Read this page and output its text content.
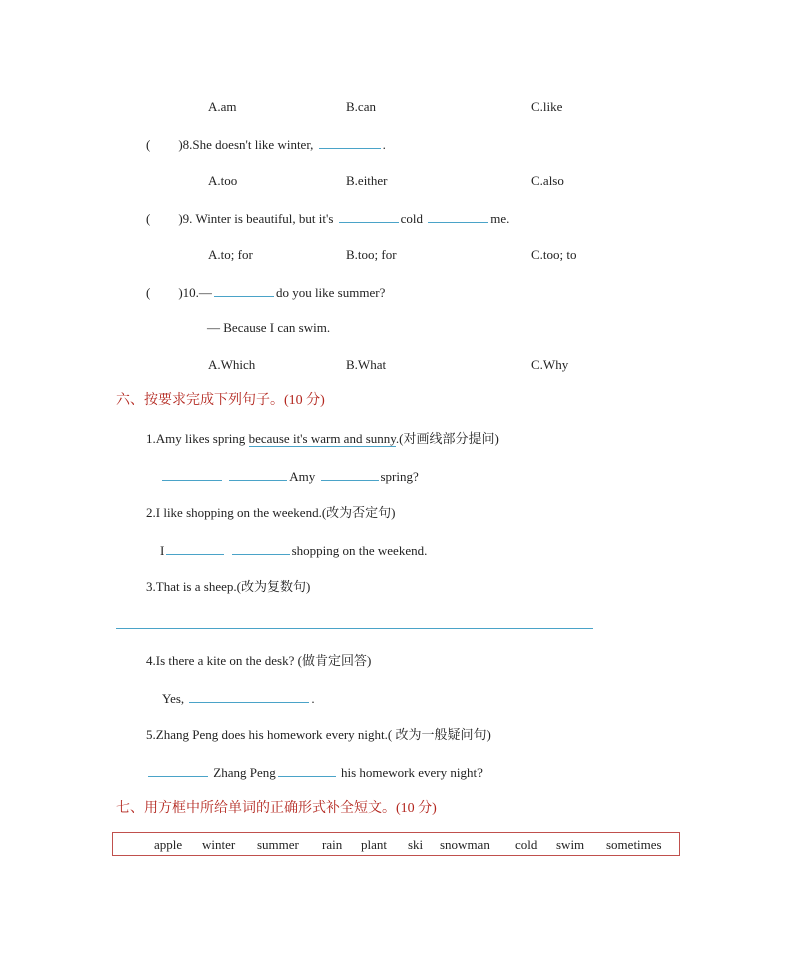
A.am	B.can	C.like
( )8.She doesn't like winter,	.
A.too	B.either	C.also
( )9. Winter is beautiful, but it's	cold	me.
A.to; for	B.too; for	C.too; to
( )10.—	do you like summer?
— Because I can swim.
A.Which	B.What	C.Why
六、按要求完成下列句子。(10 分)
1.Amy likes spring because it's warm and sunny.(对画线部分提问)
Amy	spring?
2.I like shopping on the weekend.(改为否定句)
I	shopping on the weekend.
3.That is a sheep.(改为复数句)
4.Is there a kite on the desk? (做肯定回答)
Yes,	.
5.Zhang Peng does his homework every night.( 改为一般疑问句)
Zhang Peng	his homework every night?
七、用方框中所给单词的正确形式补全短文。(10 分)
apple winter summer rain plant ski snowman cold swim sometimes
